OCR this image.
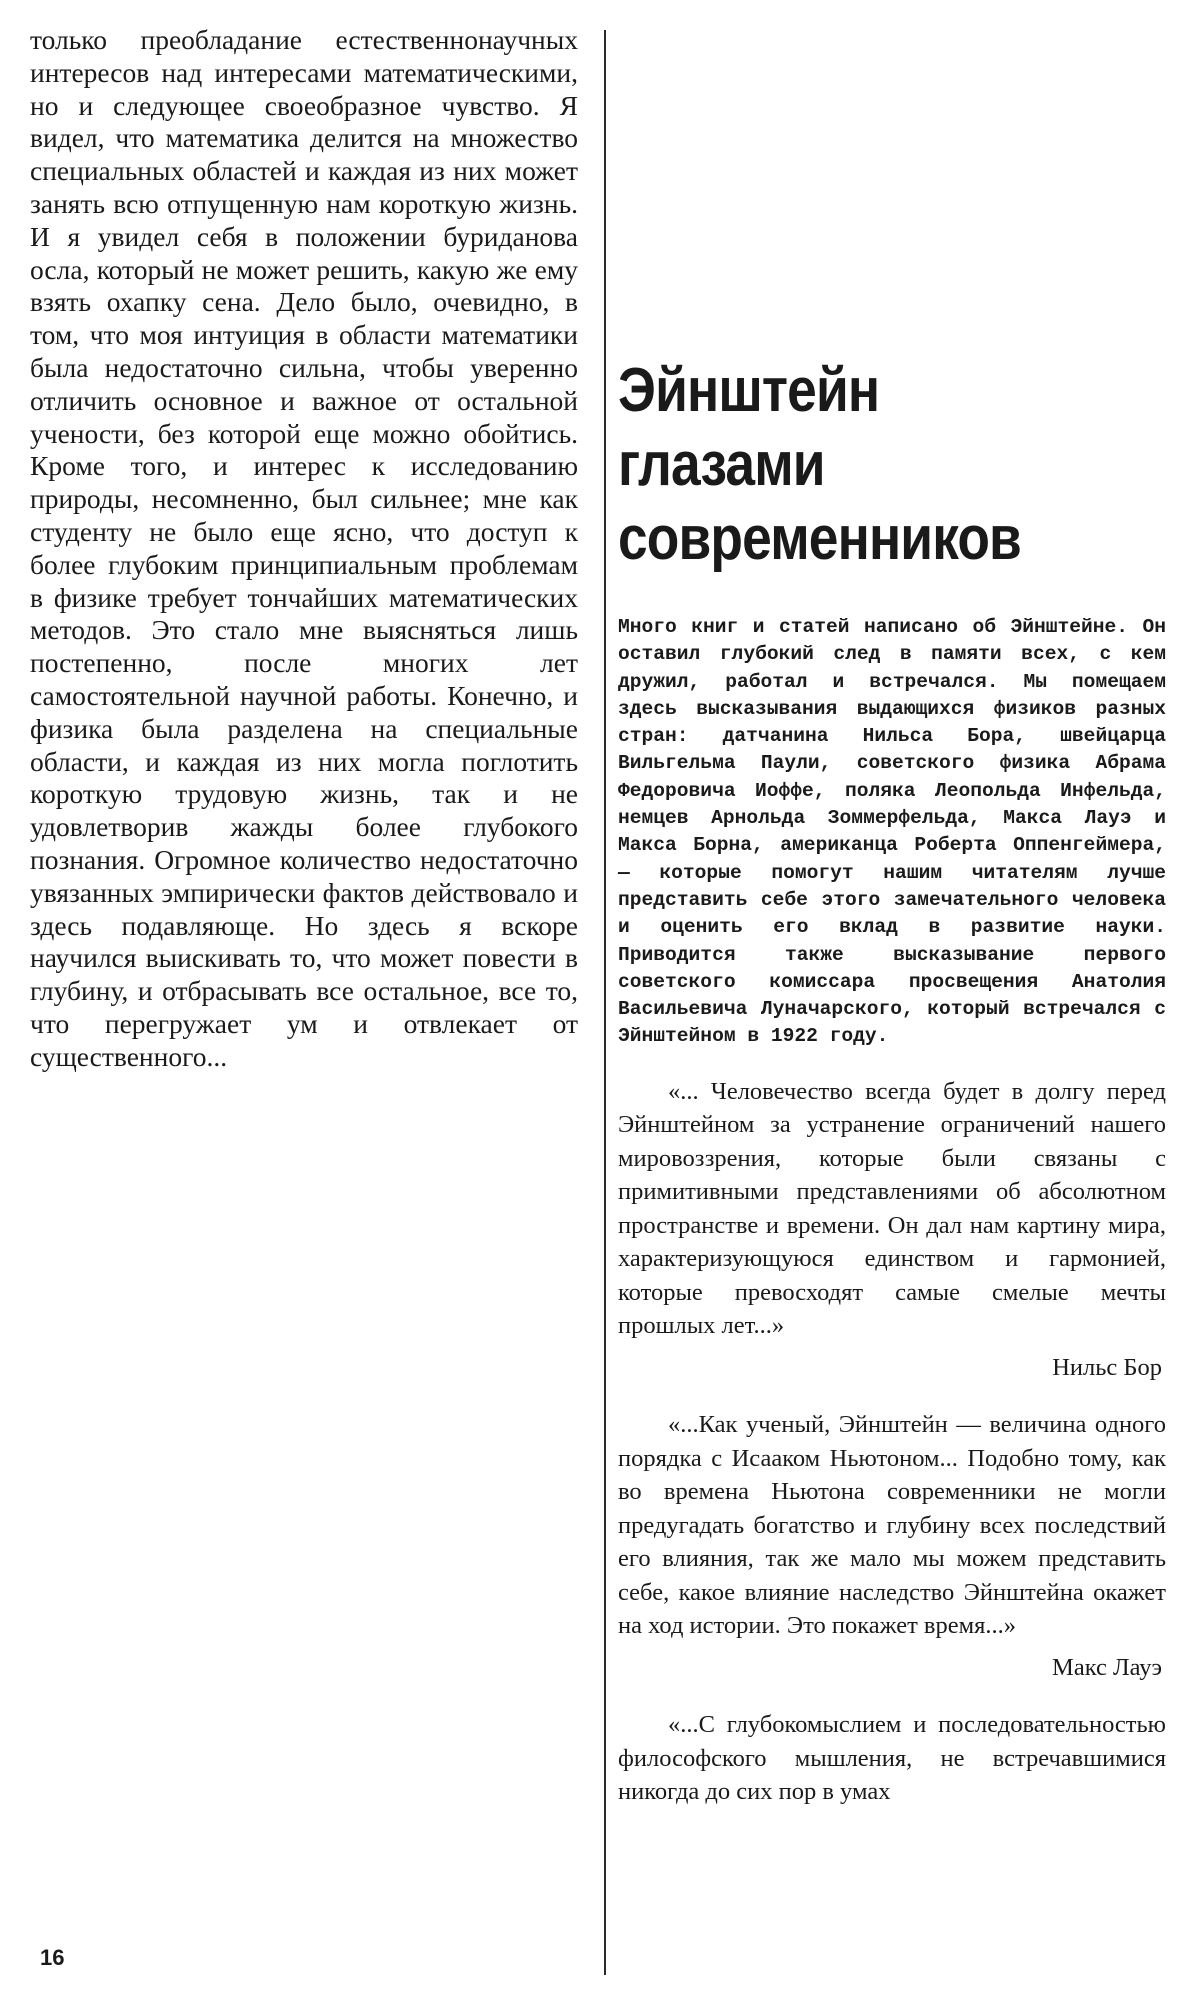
только преобладание естественнонаучных интересов над интересами математическими, но и следующее своеобразное чувство. Я видел, что математика делится на множество специальных областей и каждая из них может занять всю отпущенную нам короткую жизнь. И я увидел себя в положении буриданова осла, который не может решить, какую же ему взять охапку сена. Дело было, очевидно, в том, что моя интуиция в области математики была недостаточно сильна, чтобы уверенно отличить основное и важное от остальной учености, без которой еще можно обойтись. Кроме того, и интерес к исследованию природы, несомненно, был сильнее; мне как студенту не было еще ясно, что доступ к более глубоким принципиальным проблемам в физике требует тончайших математических методов. Это стало мне выясняться лишь постепенно, после многих лет самостоятельной научной работы. Конечно, и физика была разделена на специальные области, и каждая из них могла поглотить короткую трудовую жизнь, так и не удовлетворив жажды более глубокого познания. Огромное количество недостаточно увязанных эмпирически фактов действовало и здесь подавляюще. Но здесь я вскоре научился выискивать то, что может повести в глубину, и отбрасывать все остальное, все то, что перегружает ум и отвлекает от существенного...

Эйнштейн
глазами
современников

Много книг и статей написано об Эйнштейне. Он оставил глубокий след в памяти всех, с кем дружил, работал и встречался. Мы помещаем здесь высказывания выдающихся физиков разных стран: датчанина Нильса Бора, швейцарца Вильгельма Паули, советского физика Абрама Федоровича Иоффе, поляка Леопольда Инфельда, немцев Арнольда Зоммерфельда, Макса Лауэ и Макса Борна, американца Роберта Оппенгеймера, — которые помогут нашим читателям лучше представить себе этого замечательного человека и оценить его вклад в развитие науки. Приводится также высказывание первого советского комиссара просвещения Анатолия Васильевича Луначарского, который встречался с Эйнштейном в 1922 году.

«... Человечество всегда будет в долгу перед Эйнштейном за устранение ограничений нашего мировоззрения, которые были связаны с примитивными представлениями об абсолютном пространстве и времени. Он дал нам картину мира, характеризующуюся единством и гармонией, которые превосходят самые смелые мечты прошлых лет...»

Нильс Бор

«...Как ученый, Эйнштейн — величина одного порядка с Исааком Ньютоном... Подобно тому, как во времена Ньютона современники не могли предугадать богатство и глубину всех последствий его влияния, так же мало мы можем представить себе, какое влияние наследство Эйнштейна окажет на ход истории. Это покажет время...»

Макс Лауэ

«...С глубокомыслием и последовательностью философского мышления, не встречавшимися никогда до сих пор в умах

16
